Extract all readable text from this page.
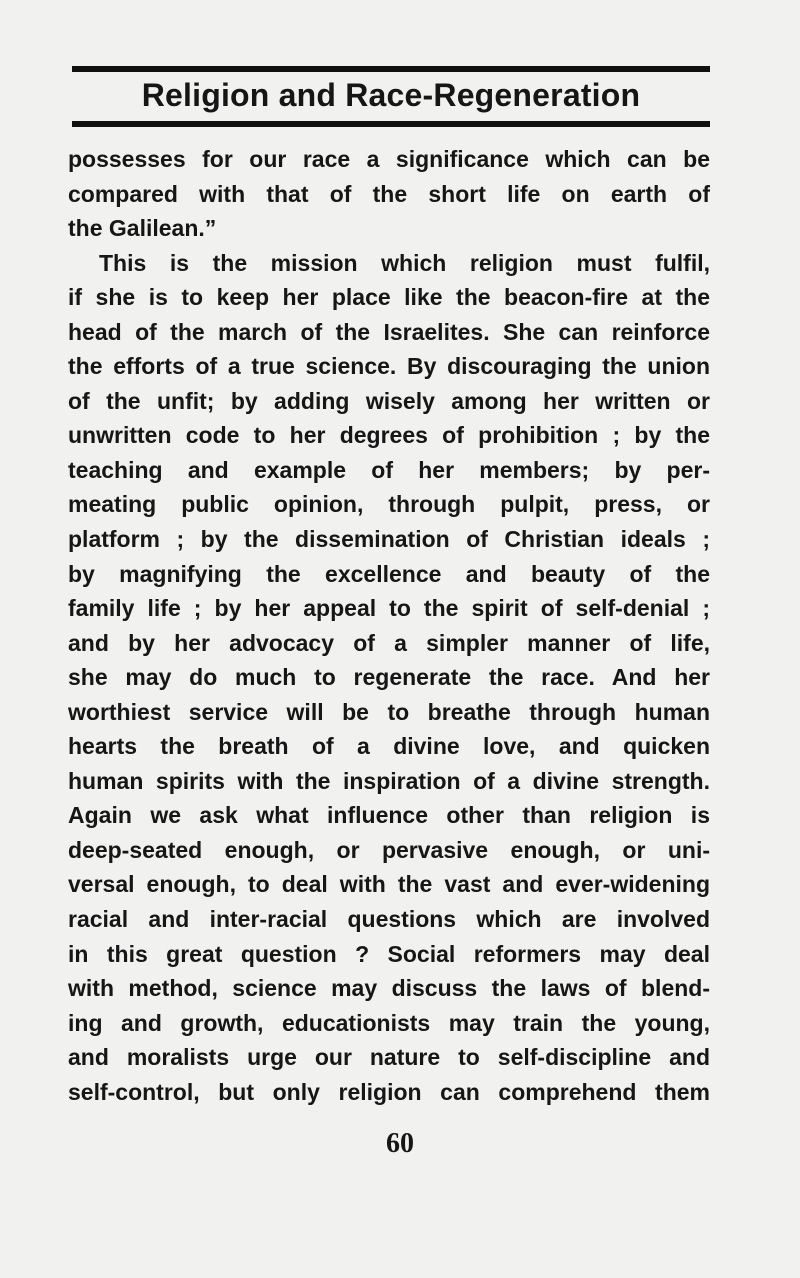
Religion and Race-Regeneration
possesses for our race a significance which can be
compared with that of the short life on earth of
the Galilean.”
This is the mission which religion must fulfil,
if she is to keep her place like the beacon-fire at the
head of the march of the Israelites. She can reinforce
the efforts of a true science. By discouraging the union
of the unfit; by adding wisely among her written or
unwritten code to her degrees of prohibition ; by the
teaching and example of her members; by per-
meating public opinion, through pulpit, press, or
platform ; by the dissemination of Christian ideals ;
by magnifying the excellence and beauty of the
family life ; by her appeal to the spirit of self-denial ;
and by her advocacy of a simpler manner of life,
she may do much to regenerate the race. And her
worthiest service will be to breathe through human
hearts the breath of a divine love, and quicken
human spirits with the inspiration of a divine strength.
Again we ask what influence other than religion is
deep-seated enough, or pervasive enough, or uni-
versal enough, to deal with the vast and ever-widening
racial and inter-racial questions which are involved
in this great question ? Social reformers may deal
with method, science may discuss the laws of blend-
ing and growth, educationists may train the young,
and moralists urge our nature to self-discipline and
self-control, but only religion can comprehend them
60
